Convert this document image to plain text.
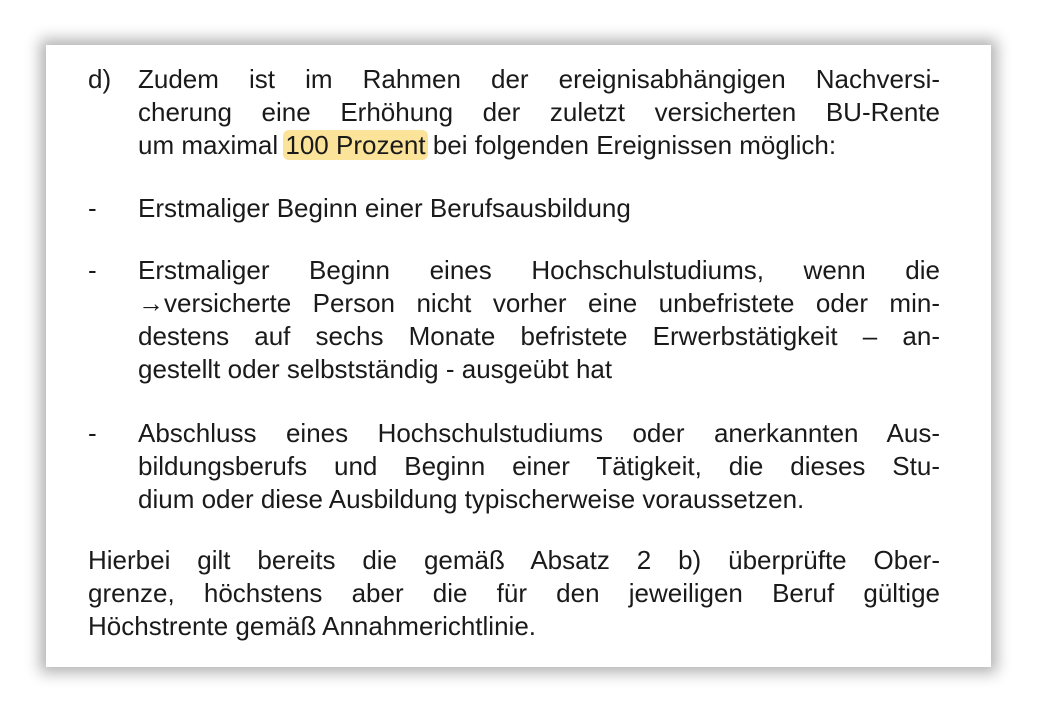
d) Zudem ist im Rahmen der ereignisabhängigen Nachversi-
cherung eine Erhöhung der zuletzt versicherten BU-Rente
um maximal 100 Prozent bei folgenden Ereignissen möglich:
- Erstmaliger Beginn einer Berufsausbildung
- Erstmaliger Beginn eines Hochschulstudiums, wenn die
→versicherte Person nicht vorher eine unbefristete oder min-
destens auf sechs Monate befristete Erwerbstätigkeit – an-
gestellt oder selbstständig - ausgeübt hat
- Abschluss eines Hochschulstudiums oder anerkannten Aus-
bildungsberufs und Beginn einer Tätigkeit, die dieses Stu-
dium oder diese Ausbildung typischerweise voraussetzen.
Hierbei gilt bereits die gemäß Absatz 2 b) überprüfte Ober-
grenze, höchstens aber die für den jeweiligen Beruf gültige
Höchstrente gemäß Annahmerichtlinie.
